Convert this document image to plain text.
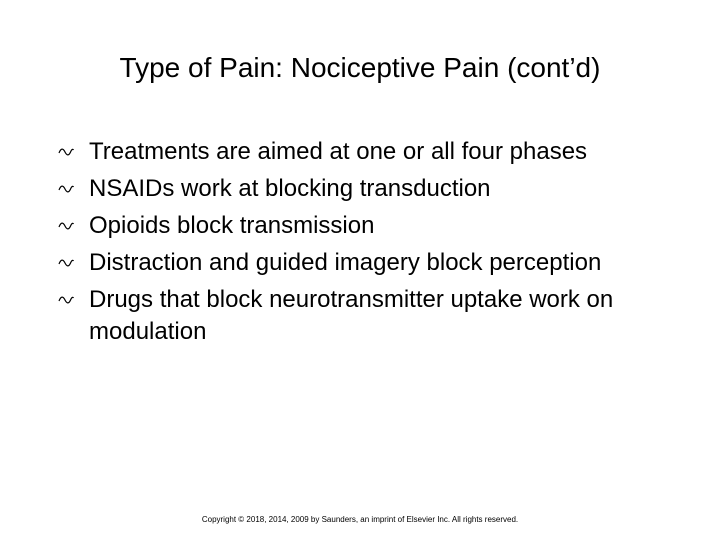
Type of Pain: Nociceptive Pain (cont’d)
Treatments are aimed at one or all four phases
NSAIDs work at blocking transduction
Opioids block transmission
Distraction and guided imagery block perception
Drugs that block neurotransmitter uptake work on modulation
Copyright © 2018, 2014, 2009 by Saunders, an imprint of Elsevier Inc. All rights reserved.
